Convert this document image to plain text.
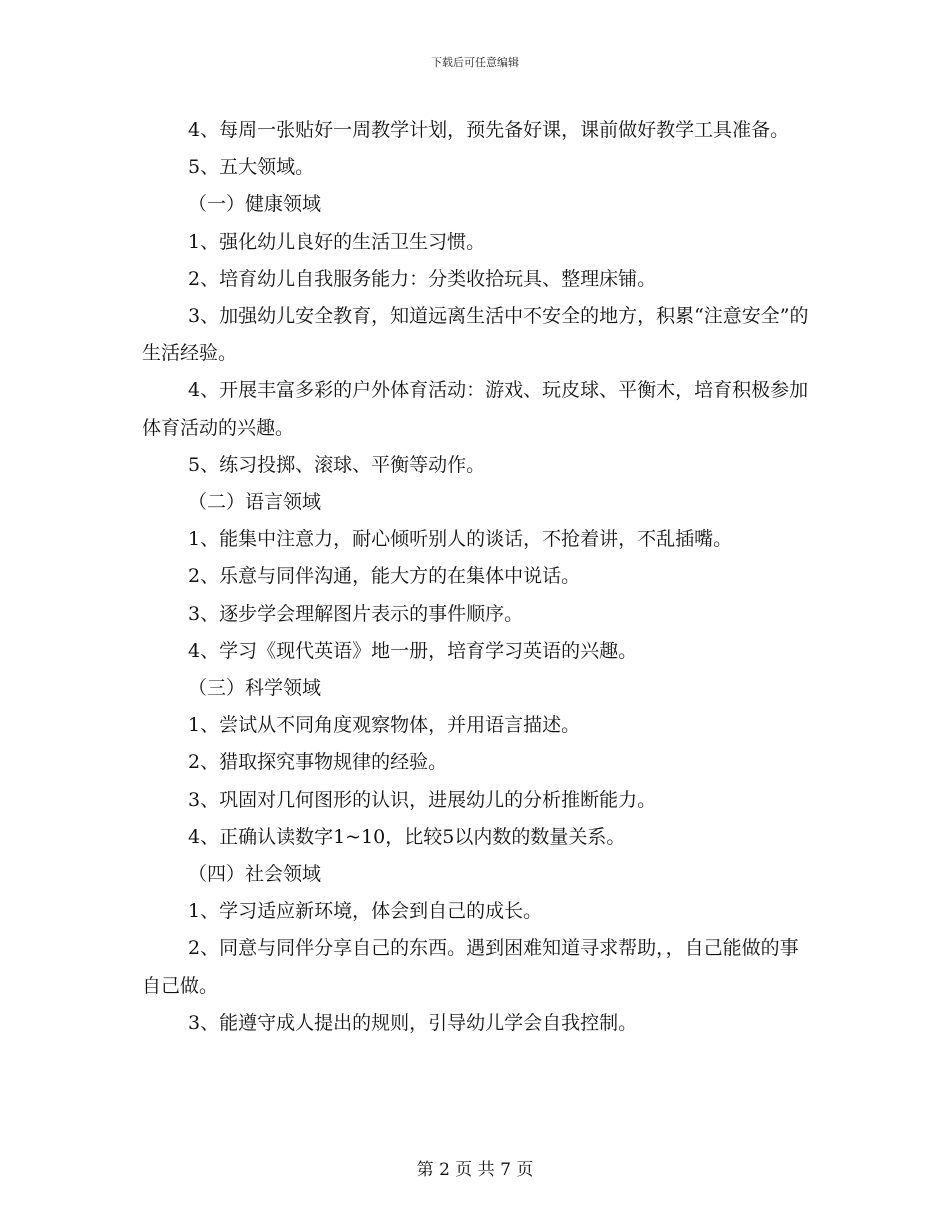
下载后可任意编辑

4、每周一张贴好一周教学计划，预先备好课，课前做好教学工具准备。

5、五大领域。

（一）健康领域

1、强化幼儿良好的生活卫生习惯。

2、培育幼儿自我服务能力：分类收拾玩具、整理床铺。

3、加强幼儿安全教育，知道远离生活中不安全的地方，积累“注意安全”的生活经验。

4、开展丰富多彩的户外体育活动：游戏、玩皮球、平衡木，培育积极参加体育活动的兴趣。

5、练习投掷、滚球、平衡等动作。

（二）语言领域

1、能集中注意力，耐心倾听别人的谈话，不抢着讲，不乱插嘴。

2、乐意与同伴沟通，能大方的在集体中说话。

3、逐步学会理解图片表示的事件顺序。

4、学习《现代英语》地一册，培育学习英语的兴趣。

（三）科学领域

1、尝试从不同角度观察物体，并用语言描述。

2、猎取探究事物规律的经验。

3、巩固对几何图形的认识，进展幼儿的分析推断能力。

4、正确认读数字1~10，比较5以内数的数量关系。

（四）社会领域

1、学习适应新环境，体会到自己的成长。

2、同意与同伴分享自己的东西。遇到困难知道寻求帮助，，自己能做的事自己做。

3、能遵守成人提出的规则，引导幼儿学会自我控制。

第 2 页 共 7 页
